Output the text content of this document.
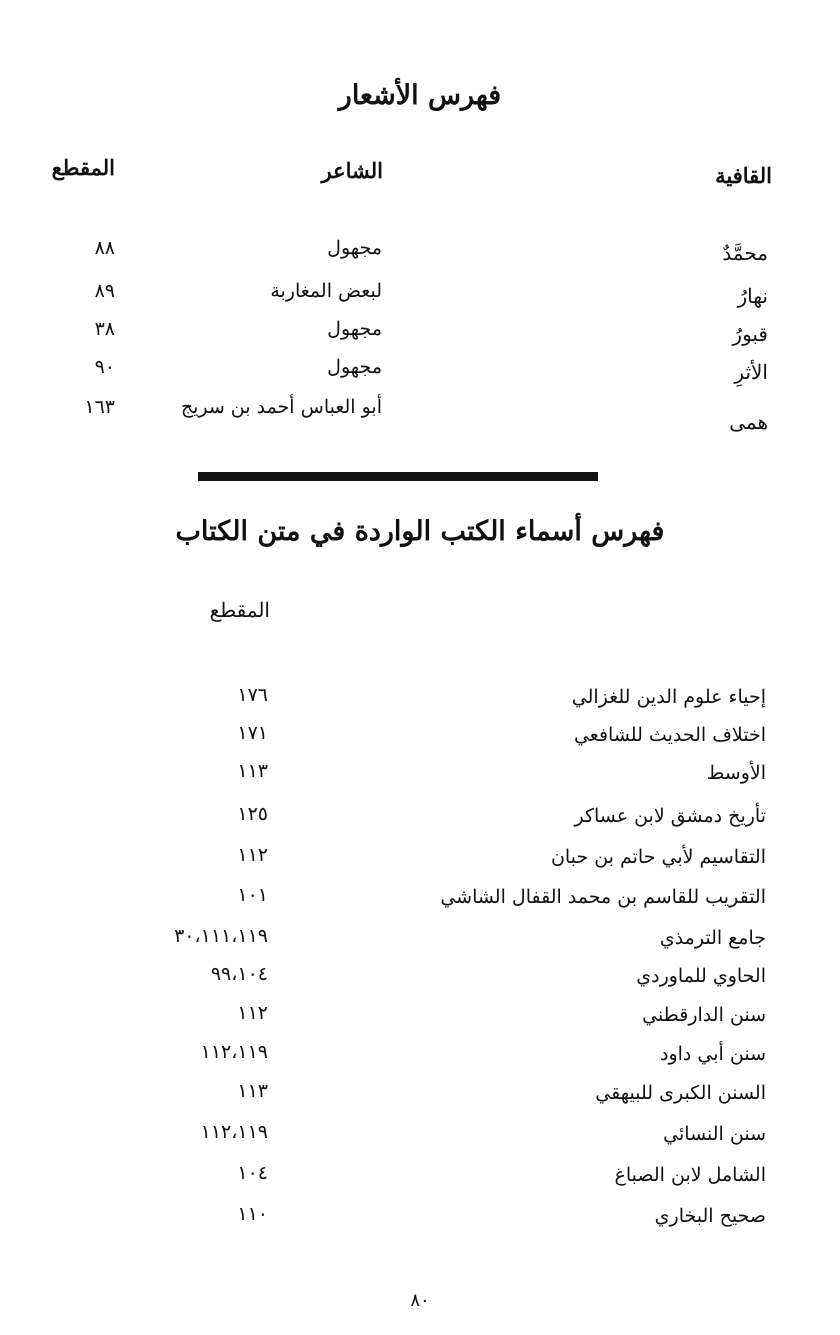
فهرس الأشعار
القافية
الشاعر
المقطع
محمَّدٌ
مجهول
٨٨
نهارُ
لبعض المغاربة
٨٩
قبورُ
مجهول
٣٨
الأثرِ
مجهول
٩٠
همى
أبو العباس أحمد بن سريج
١٦٣
فهرس أسماء الكتب الواردة في متن الكتاب
المقطع
إحياء علوم الدين للغزالي
١٧٦
اختلاف الحديث للشافعي
١٧١
الأوسط
١١٣
تأريخ دمشق لابن عساكر
١٢٥
التقاسيم لأبي حاتم بن حبان
١١٢
التقريب للقاسم بن محمد القفال الشاشي
١٠١
جامع الترمذي
٣٠،١١١،١١٩
الحاوي للماوردي
٩٩،١٠٤
سنن الدارقطني
١١٢
سنن أبي داود
١١٢،١١٩
السنن الكبرى للبيهقي
١١٣
سنن النسائي
١١٢،١١٩
الشامل لابن الصباغ
١٠٤
صحيح البخاري
١١٠
٨٠
